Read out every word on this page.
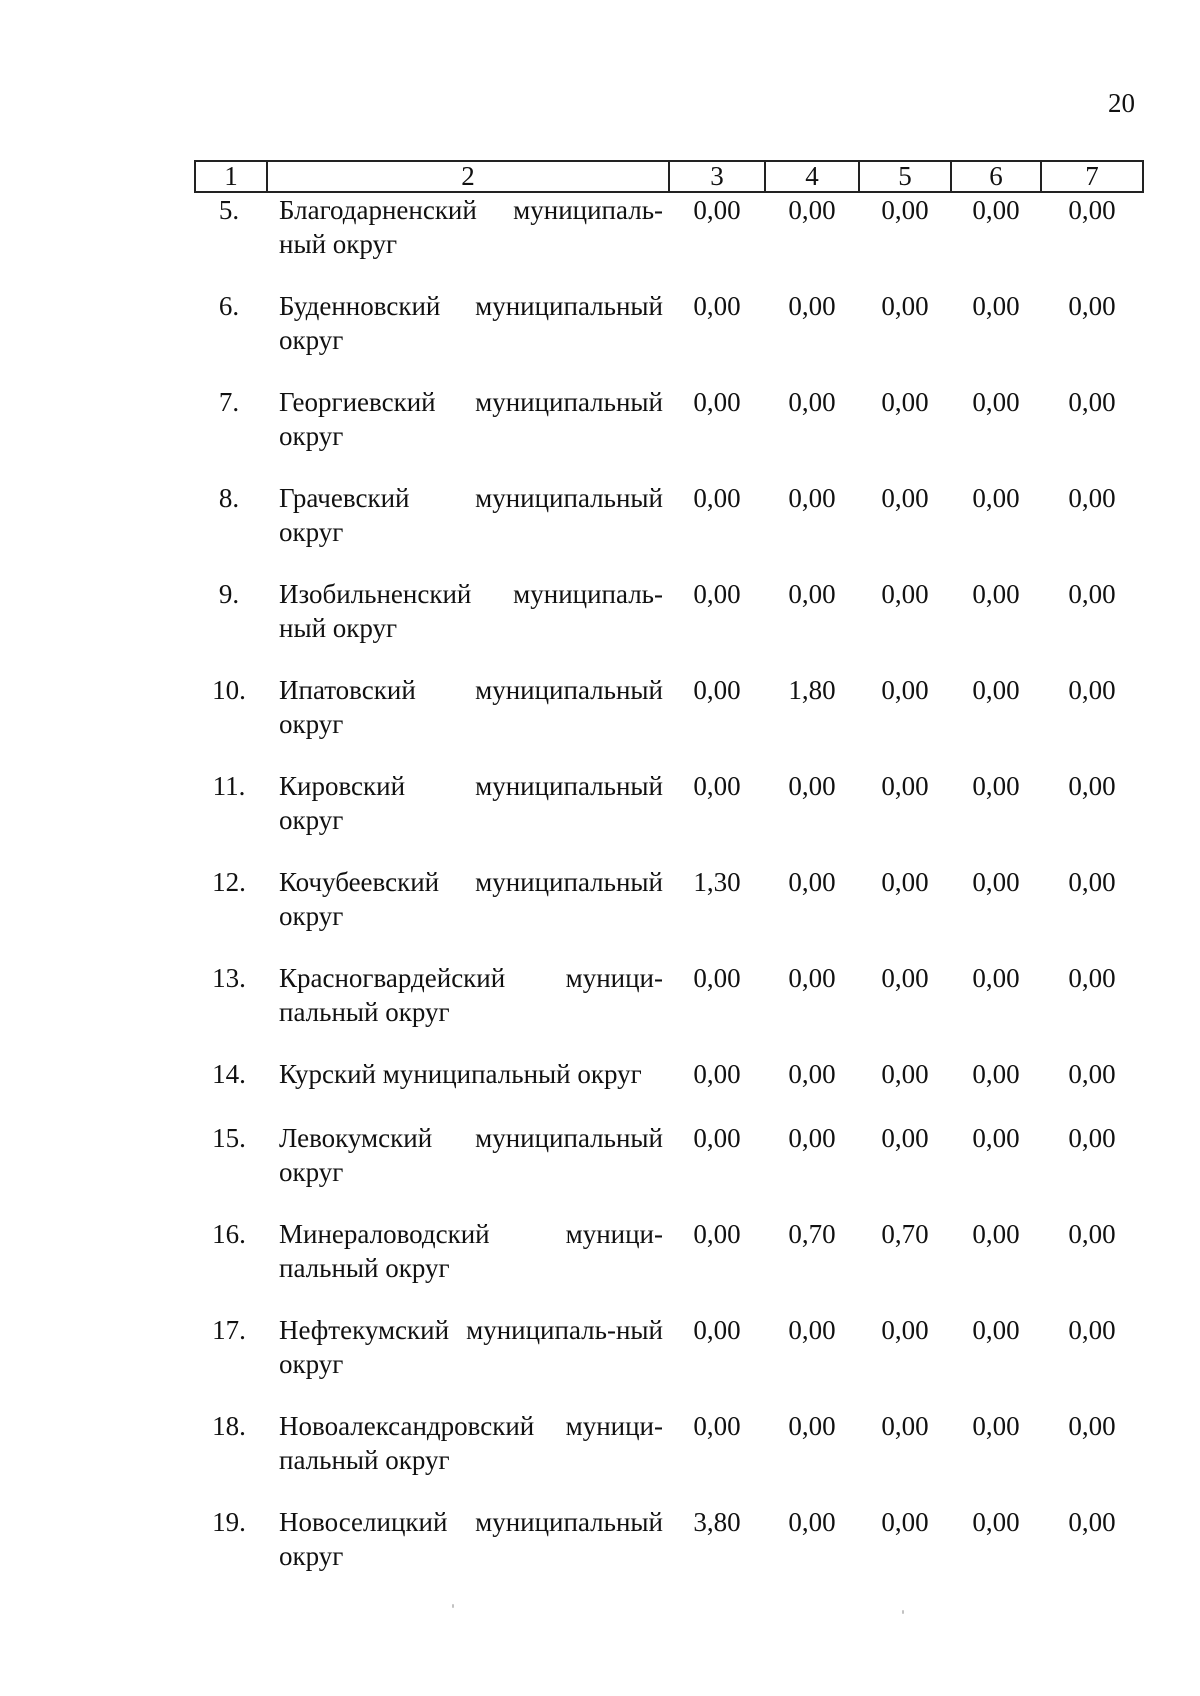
20
1	2	3	4	5	6	7
5.	Благодарненский муниципаль-ный округ	0,00	0,00	0,00	0,00	0,00
6.	Буденновский муниципальный округ	0,00	0,00	0,00	0,00	0,00
7.	Георгиевский муниципальный округ	0,00	0,00	0,00	0,00	0,00
8.	Грачевский муниципальный округ	0,00	0,00	0,00	0,00	0,00
9.	Изобильненский муниципаль-ный округ	0,00	0,00	0,00	0,00	0,00
10.	Ипатовский муниципальный округ	0,00	1,80	0,00	0,00	0,00
11.	Кировский муниципальный округ	0,00	0,00	0,00	0,00	0,00
12.	Кочубеевский муниципальный округ	1,30	0,00	0,00	0,00	0,00
13.	Красногвардейский муници-пальный округ	0,00	0,00	0,00	0,00	0,00
14.	Курский муниципальный округ	0,00	0,00	0,00	0,00	0,00
15.	Левокумский муниципальный округ	0,00	0,00	0,00	0,00	0,00
16.	Минераловодский муници-пальный округ	0,00	0,70	0,70	0,00	0,00
17.	Нефтекумский муниципаль-ный округ	0,00	0,00	0,00	0,00	0,00
18.	Новоалександровский муници-пальный округ	0,00	0,00	0,00	0,00	0,00
19.	Новоселицкий муниципальный округ	3,80	0,00	0,00	0,00	0,00
